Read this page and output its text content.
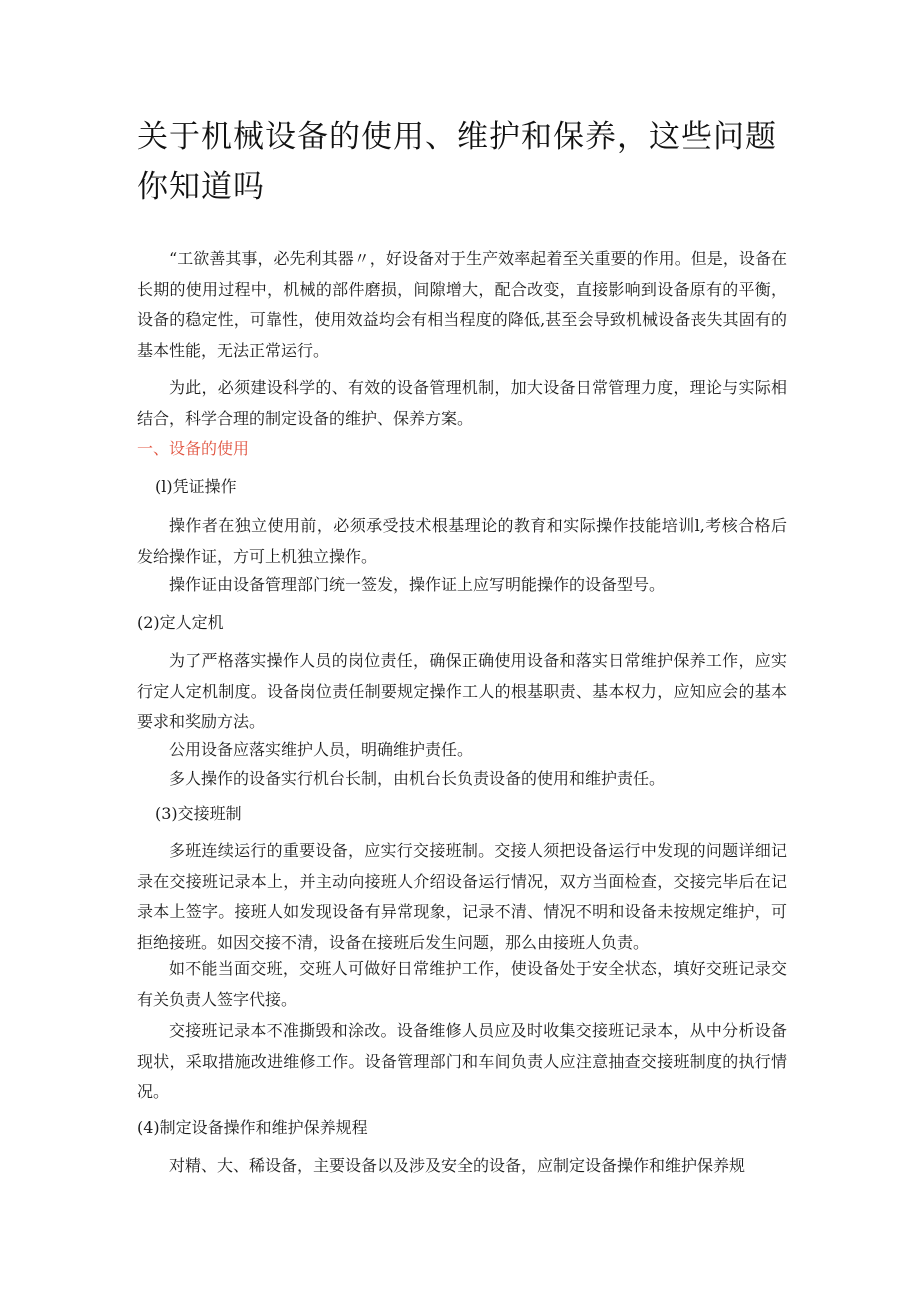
关于机械设备的使用、维护和保养，这些问题你知道吗

“工欲善其事，必先利其器〃，好设备对于生产效率起着至关重要的作用。但是，设备在长期的使用过程中，机械的部件磨损，间隙增大，配合改变，直接影响到设备原有的平衡，设备的稳定性，可靠性，使用效益均会有相当程度的降低,甚至会导致机械设备丧失其固有的基本性能，无法正常运行。

为此，必须建设科学的、有效的设备管理机制，加大设备日常管理力度，理论与实际相结合，科学合理的制定设备的维护、保养方案。

一、设备的使用

(l)凭证操作

操作者在独立使用前，必须承受技术根基理论的教育和实际操作技能培训l,考核合格后发给操作证，方可上机独立操作。

操作证由设备管理部门统一签发，操作证上应写明能操作的设备型号。

(2)定人定机

为了严格落实操作人员的岗位责任，确保正确使用设备和落实日常维护保养工作，应实行定人定机制度。设备岗位责任制要规定操作工人的根基职责、基本权力，应知应会的基本要求和奖励方法。

公用设备应落实维护人员，明确维护责任。

多人操作的设备实行机台长制，由机台长负责设备的使用和维护责任。

(3)交接班制

多班连续运行的重要设备，应实行交接班制。交接人须把设备运行中发现的问题详细记录在交接班记录本上，并主动向接班人介绍设备运行情况，双方当面检查，交接完毕后在记录本上签字。接班人如发现设备有异常现象，记录不清、情况不明和设备未按规定维护，可拒绝接班。如因交接不清，设备在接班后发生问题，那么由接班人负责。

如不能当面交班，交班人可做好日常维护工作，使设备处于安全状态，填好交班记录交有关负责人签字代接。

交接班记录本不准撕毁和涂改。设备维修人员应及时收集交接班记录本，从中分析设备现状，采取措施改进维修工作。设备管理部门和车间负责人应注意抽查交接班制度的执行情况。

(4)制定设备操作和维护保养规程

对精、大、稀设备，主要设备以及涉及安全的设备，应制定设备操作和维护保养规
